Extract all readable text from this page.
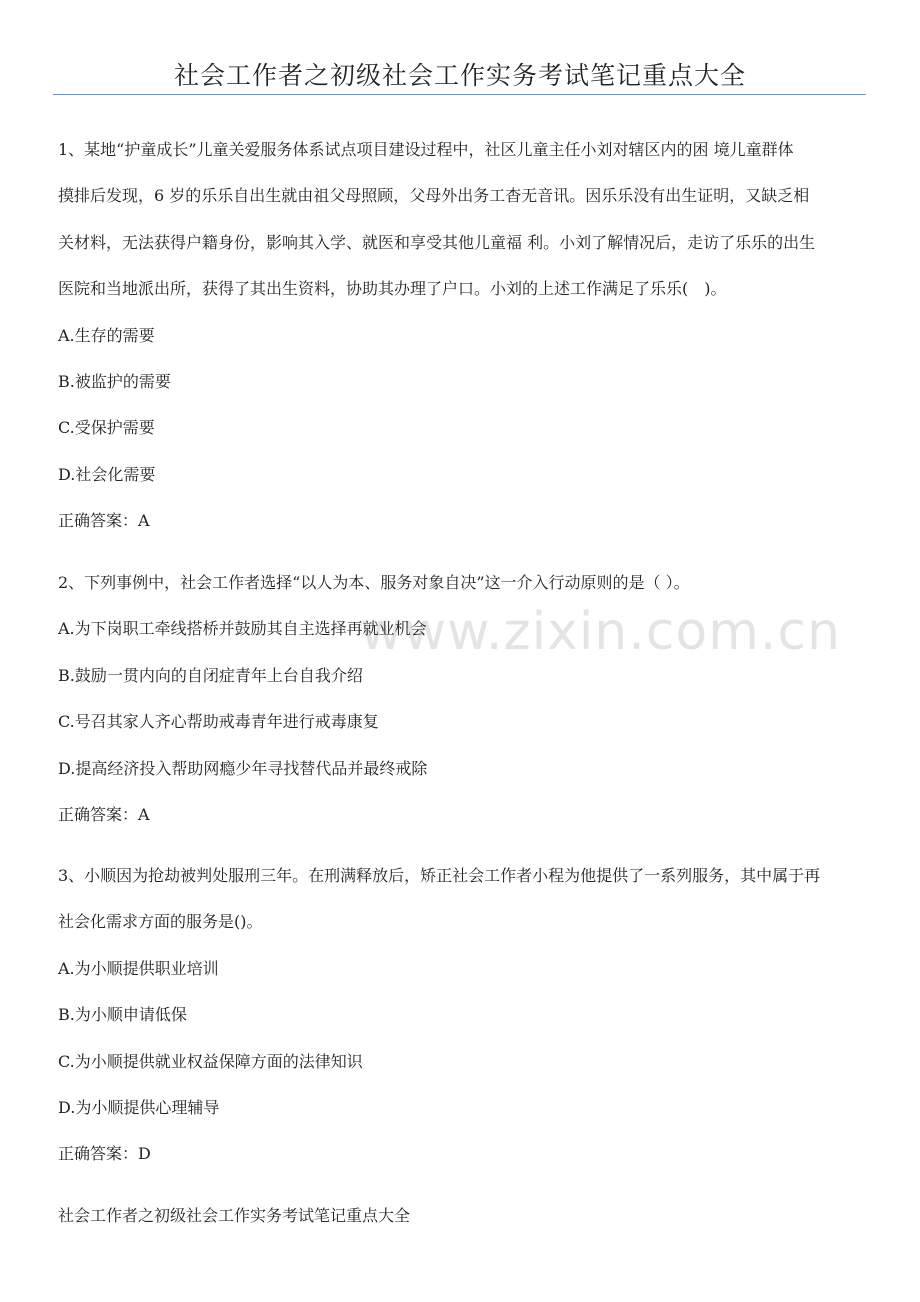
社会工作者之初级社会工作实务考试笔记重点大全
www.zixin.com.cn
1、某地“护童成长”儿童关爱服务体系试点项目建设过程中，社区儿童主任小刘对辖区内的困 境儿童群体
摸排后发现，6 岁的乐乐自出生就由祖父母照顾，父母外出务工杳无音讯。因乐乐没有出生证明，又缺乏相
关材料，无法获得户籍身份，影响其入学、就医和享受其他儿童福 利。小刘了解情况后，走访了乐乐的出生
医院和当地派出所，获得了其出生资料，协助其办理了户口。小刘的上述工作满足了乐乐(　)。
A.生存的需要
B.被监护的需要
C.受保护需要
D.社会化需要
正确答案：A
2、下列事例中，社会工作者选择“以人为本、服务对象自决”这一介入行动原则的是（ ）。
A.为下岗职工牵线搭桥并鼓励其自主选择再就业机会
B.鼓励一贯内向的自闭症青年上台自我介绍
C.号召其家人齐心帮助戒毒青年进行戒毒康复
D.提高经济投入帮助网瘾少年寻找替代品并最终戒除
正确答案：A
3、小顺因为抢劫被判处服刑三年。在刑满释放后，矫正社会工作者小程为他提供了一系列服务，其中属于再
社会化需求方面的服务是()。
A.为小顺提供职业培训
B.为小顺申请低保
C.为小顺提供就业权益保障方面的法律知识
D.为小顺提供心理辅导
正确答案：D
社会工作者之初级社会工作实务考试笔记重点大全
